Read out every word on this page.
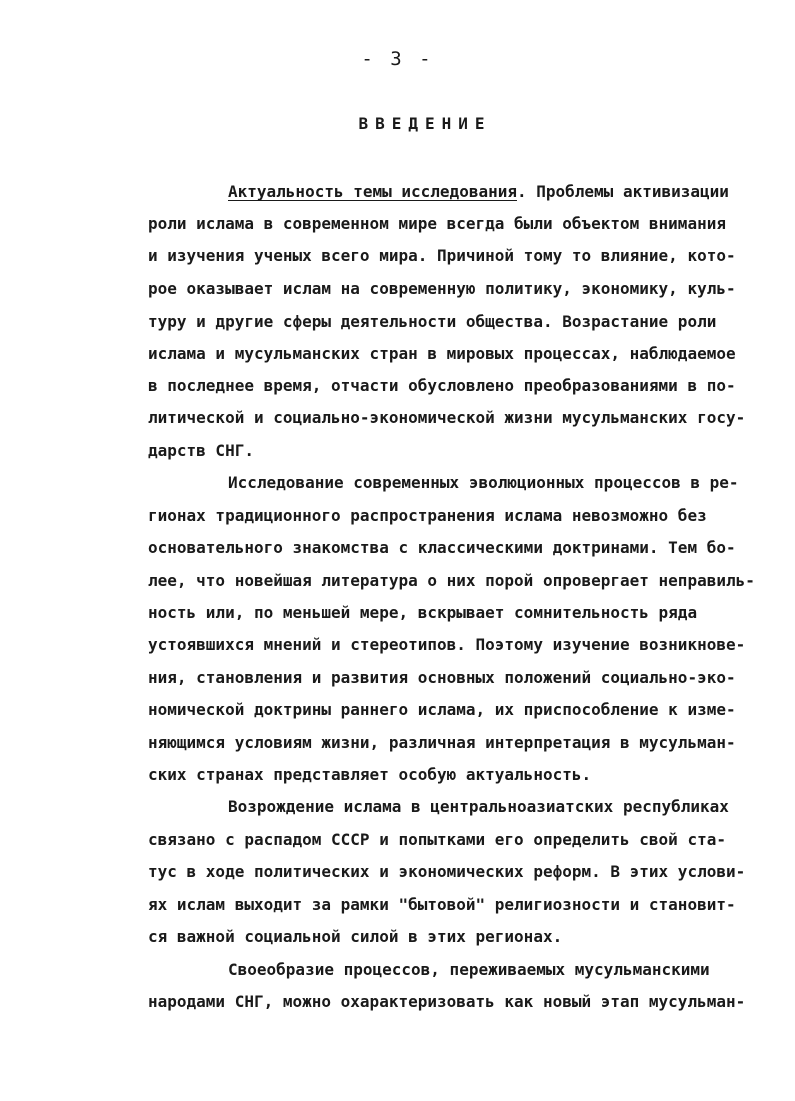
- 3 -
ВВЕДЕНИЕ
Актуальность темы исследования. Проблемы активизации
роли ислама в современном мире всегда были объектом внимания
и изучения ученых всего мира. Причиной тому то влияние, кото-
рое оказывает ислам на современную политику, экономику, куль-
туру и другие сферы деятельности общества. Возрастание роли
ислама и мусульманских стран в мировых процессах, наблюдаемое
в последнее время, отчасти обусловлено преобразованиями в по-
литической и социально-экономической жизни мусульманских госу-
дарств СНГ.
Исследование современных эволюционных процессов в ре-
гионах традиционного распространения ислама невозможно без
основательного знакомства с классическими доктринами. Тем бо-
лее, что новейшая литература о них порой опровергает неправиль-
ность или, по меньшей мере, вскрывает сомнительность ряда
устоявшихся мнений и стереотипов. Поэтому изучение возникнове-
ния, становления и развития основных положений социально-эко-
номической доктрины раннего ислама, их приспособление к изме-
няющимся условиям жизни, различная интерпретация в мусульман-
ских странах представляет особую актуальность.
Возрождение ислама в центральноазиатских республиках
связано с распадом СССР и попытками его определить свой ста-
тус в ходе политических и экономических реформ. В этих услови-
ях ислам выходит за рамки "бытовой" религиозности и становит-
ся важной социальной силой в этих регионах.
Своеобразие процессов, переживаемых мусульманскими
народами СНГ, можно охарактеризовать как новый этап мусульман-
